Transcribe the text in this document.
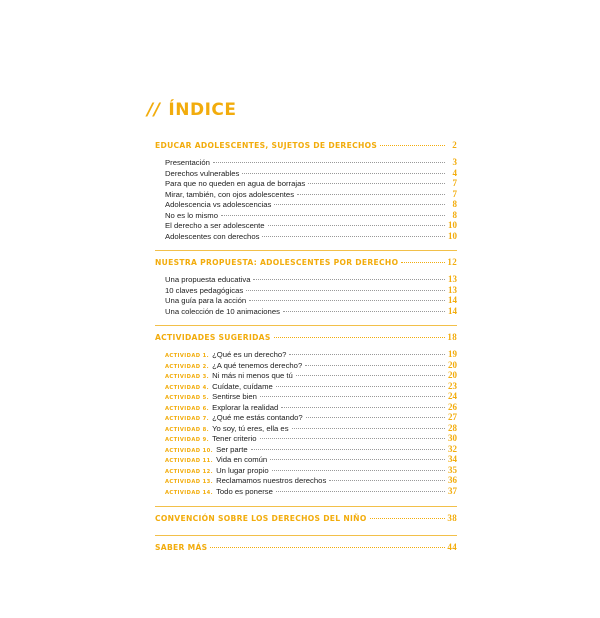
// ÍNDICE
EDUCAR ADOLESCENTES, SUJETOS DE DERECHOS	2
Presentación	3
Derechos vulnerables	4
Para que no queden en agua de borrajas	7
Mirar, también, con ojos adolescentes	7
Adolescencia vs adolescencias	8
No es lo mismo	8
El derecho a ser adolescente	10
Adolescentes con derechos	10
NUESTRA PROPUESTA: ADOLESCENTES POR DERECHO	12
Una propuesta educativa	13
10 claves pedagógicas	13
Una guía para la acción	14
Una colección de 10 animaciones	14
ACTIVIDADES SUGERIDAS	18
ACTIVIDAD 1. ¿Qué es un derecho?	19
ACTIVIDAD 2. ¿A qué tenemos derecho?	20
ACTIVIDAD 3. Ni más ni menos que tú	20
ACTIVIDAD 4. Cuídate, cuídame	23
ACTIVIDAD 5. Sentirse bien	24
ACTIVIDAD 6. Explorar la realidad	26
ACTIVIDAD 7. ¿Qué me estás contando?	27
ACTIVIDAD 8. Yo soy, tú eres, ella es	28
ACTIVIDAD 9. Tener criterio	30
ACTIVIDAD 10. Ser parte	32
ACTIVIDAD 11. Vida en común	34
ACTIVIDAD 12. Un lugar propio	35
ACTIVIDAD 13. Reclamamos nuestros derechos	36
ACTIVIDAD 14. Todo es ponerse	37
CONVENCIÓN SOBRE LOS DERECHOS DEL NIÑO	38
SABER MÁS	44
